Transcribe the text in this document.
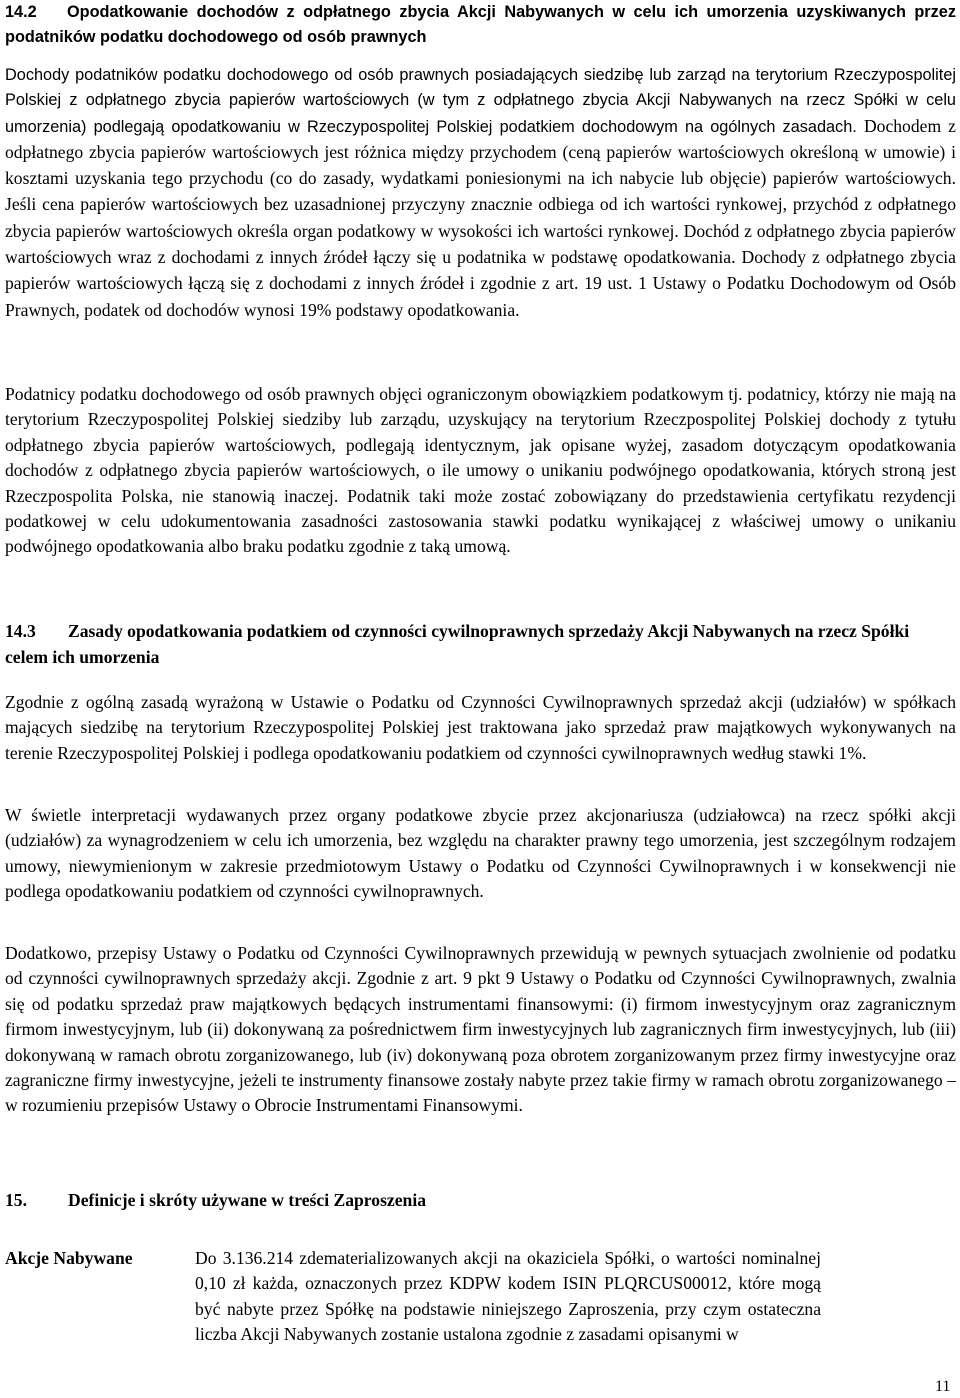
14.2 Opodatkowanie dochodów z odpłatnego zbycia Akcji Nabywanych w celu ich umorzenia uzyskiwanych przez podatników podatku dochodowego od osób prawnych

Dochody podatników podatku dochodowego od osób prawnych posiadających siedzibę lub zarząd na terytorium Rzeczypospolitej Polskiej z odpłatnego zbycia papierów wartościowych (w tym z odpłatnego zbycia Akcji Nabywanych na rzecz Spółki w celu umorzenia) podlegają opodatkowaniu w Rzeczypospolitej Polskiej podatkiem dochodowym na ogólnych zasadach. Dochodem z odpłatnego zbycia papierów wartościowych jest różnica między przychodem (ceną papierów wartościowych określoną w umowie) i kosztami uzyskania tego przychodu (co do zasady, wydatkami poniesionymi na ich nabycie lub objęcie) papierów wartościowych. Jeśli cena papierów wartościowych bez uzasadnionej przyczyny znacznie odbiega od ich wartości rynkowej, przychód z odpłatnego zbycia papierów wartościowych określa organ podatkowy w wysokości ich wartości rynkowej. Dochód z odpłatnego zbycia papierów wartościowych wraz z dochodami z innych źródeł łączy się u podatnika w podstawę opodatkowania. Dochody z odpłatnego zbycia papierów wartościowych łączą się z dochodami z innych źródeł i zgodnie z art. 19 ust. 1 Ustawy o Podatku Dochodowym od Osób Prawnych, podatek od dochodów wynosi 19% podstawy opodatkowania.

Podatnicy podatku dochodowego od osób prawnych objęci ograniczonym obowiązkiem podatkowym tj. podatnicy, którzy nie mają na terytorium Rzeczypospolitej Polskiej siedziby lub zarządu, uzyskujący na terytorium Rzeczpospolitej Polskiej dochody z tytułu odpłatnego zbycia papierów wartościowych, podlegają identycznym, jak opisane wyżej, zasadom dotyczącym opodatkowania dochodów z odpłatnego zbycia papierów wartościowych, o ile umowy o unikaniu podwójnego opodatkowania, których stroną jest Rzeczpospolita Polska, nie stanowią inaczej. Podatnik taki może zostać zobowiązany do przedstawienia certyfikatu rezydencji podatkowej w celu udokumentowania zasadności zastosowania stawki podatku wynikającej z właściwej umowy o unikaniu podwójnego opodatkowania albo braku podatku zgodnie z taką umową.

14.3 Zasady opodatkowania podatkiem od czynności cywilnoprawnych sprzedaży Akcji Nabywanych na rzecz Spółki celem ich umorzenia

Zgodnie z ogólną zasadą wyrażoną w Ustawie o Podatku od Czynności Cywilnoprawnych sprzedaż akcji (udziałów) w spółkach mających siedzibę na terytorium Rzeczypospolitej Polskiej jest traktowana jako sprzedaż praw majątkowych wykonywanych na terenie Rzeczypospolitej Polskiej i podlega opodatkowaniu podatkiem od czynności cywilnoprawnych według stawki 1%.

W świetle interpretacji wydawanych przez organy podatkowe zbycie przez akcjonariusza (udziałowca) na rzecz spółki akcji (udziałów) za wynagrodzeniem w celu ich umorzenia, bez względu na charakter prawny tego umorzenia, jest szczególnym rodzajem umowy, niewymienionym w zakresie przedmiotowym Ustawy o Podatku od Czynności Cywilnoprawnych i w konsekwencji nie podlega opodatkowaniu podatkiem od czynności cywilnoprawnych.

Dodatkowo, przepisy Ustawy o Podatku od Czynności Cywilnoprawnych przewidują w pewnych sytuacjach zwolnienie od podatku od czynności cywilnoprawnych sprzedaży akcji. Zgodnie z art. 9 pkt 9 Ustawy o Podatku od Czynności Cywilnoprawnych, zwalnia się od podatku sprzedaż praw majątkowych będących instrumentami finansowymi: (i) firmom inwestycyjnym oraz zagranicznym firmom inwestycyjnym, lub (ii) dokonywaną za pośrednictwem firm inwestycyjnych lub zagranicznych firm inwestycyjnych, lub (iii) dokonywaną w ramach obrotu zorganizowanego, lub (iv) dokonywaną poza obrotem zorganizowanym przez firmy inwestycyjne oraz zagraniczne firmy inwestycyjne, jeżeli te instrumenty finansowe zostały nabyte przez takie firmy w ramach obrotu zorganizowanego – w rozumieniu przepisów Ustawy o Obrocie Instrumentami Finansowymi.

15. Definicje i skróty używane w treści Zaproszenia

Akcje Nabywane	Do 3.136.214 zdematerializowanych akcji na okaziciela Spółki, o wartości nominalnej 0,10 zł każda, oznaczonych przez KDPW kodem ISIN PLQRCUS00012, które mogą być nabyte przez Spółkę na podstawie niniejszego Zaproszenia, przy czym ostateczna liczba Akcji Nabywanych zostanie ustalona zgodnie z zasadami opisanymi w

11
